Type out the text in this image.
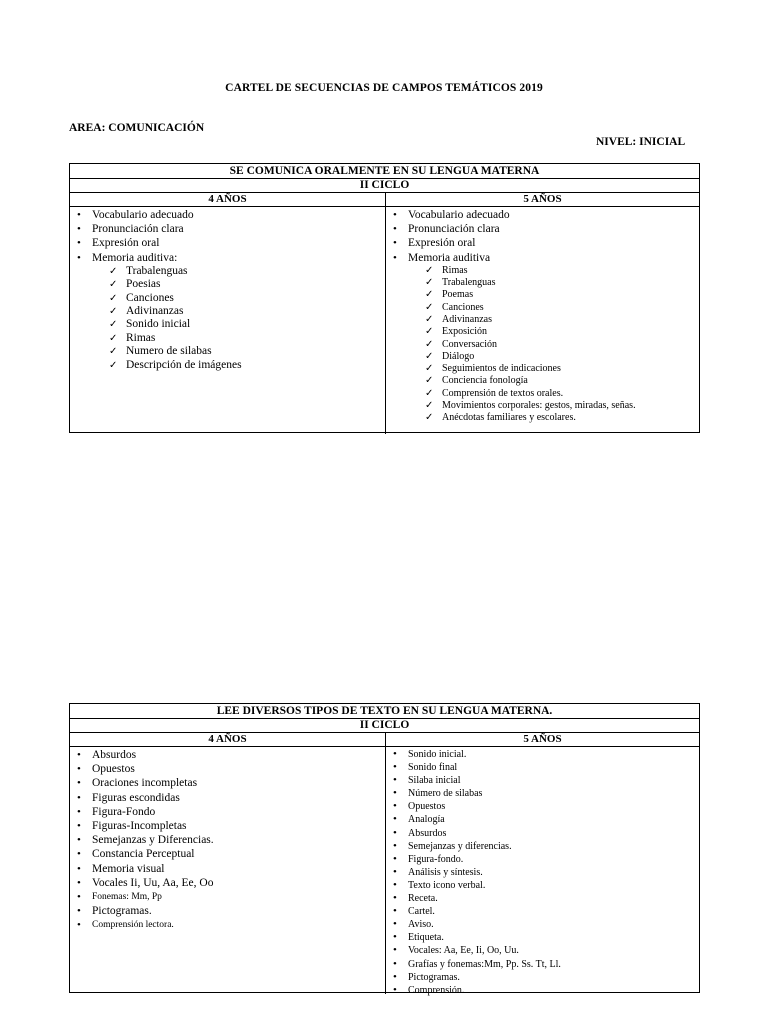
CARTEL DE SECUENCIAS DE CAMPOS TEMÁTICOS 2019
AREA: COMUNICACIÓN
NIVEL: INICIAL
SE COMUNICA ORALMENTE EN SU LENGUA MATERNA
II CICLO
4 AÑOS	5 AÑOS
• Vocabulario adecuado
• Pronunciación clara
• Expresión oral
• Memoria auditiva:
✓ Trabalenguas
✓ Poesias
✓ Canciones
✓ Adivinanzas
✓ Sonido inicial
✓ Rimas
✓ Numero de silabas
✓ Descripción de imágenes
• Vocabulario adecuado
• Pronunciación clara
• Expresión oral
• Memoria auditiva
✓ Rimas
✓ Trabalenguas
✓ Poemas
✓ Canciones
✓ Adivinanzas
✓ Exposición
✓ Conversación
✓ Diálogo
✓ Seguimientos de indicaciones
✓ Conciencia fonología
✓ Comprensión de textos orales.
✓ Movimientos corporales: gestos, miradas, señas.
✓ Anécdotas familiares y escolares.
LEE DIVERSOS TIPOS DE TEXTO EN SU LENGUA MATERNA.
II CICLO
4 AÑOS	5 AÑOS
• Absurdos
• Opuestos
• Oraciones incompletas
• Figuras escondidas
• Figura-Fondo
• Figuras-Incompletas
• Semejanzas y Diferencias.
• Constancia Perceptual
• Memoria visual
• Vocales Ii, Uu, Aa, Ee, Oo
• Fonemas: Mm, Pp
• Pictogramas.
• Comprensión lectora.
• Sonido inicial.
• Sonido final
• Silaba inicial
• Número de silabas
• Opuestos
• Analogía
• Absurdos
• Semejanzas y diferencias.
• Figura-fondo.
• Análisis y síntesis.
• Texto icono verbal.
• Receta.
• Cartel.
• Aviso.
• Etiqueta.
• Vocales: Aa, Ee, Ii, Oo, Uu.
• Grafías y fonemas:Mm, Pp. Ss. Tt, Ll.
• Pictogramas.
• Comprensión.
